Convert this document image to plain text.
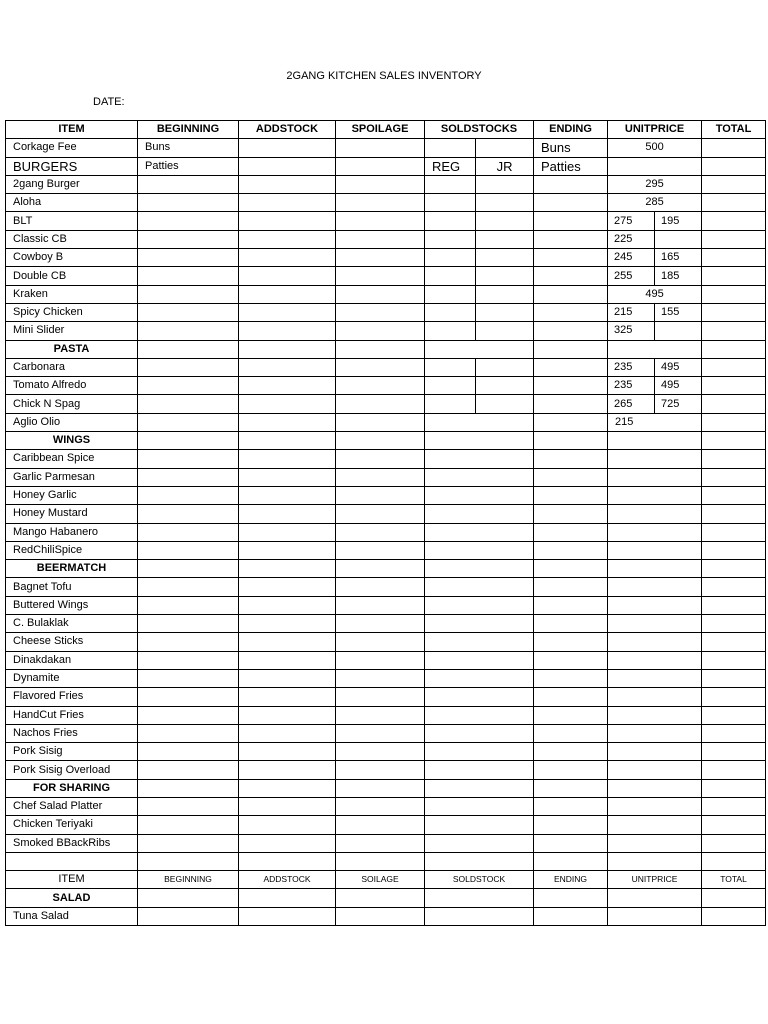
2GANG KITCHEN SALES INVENTORY
DATE:
ITEM	BEGINNING	ADDSTOCK	SPOILAGE	SOLDSTOCKS		ENDING	UNITPRICE		TOTAL
Corkage Fee	Buns					Buns	500		
BURGERS	Patties			REG	JR	Patties			
2gang Burger							295		
Aloha							285		
BLT							275	195	
Classic CB							225		
Cowboy B							245	165	
Double CB							255	185	
Kraken							495		
Spicy Chicken							215	155	
Mini Slider							325		
PASTA									
Carbonara							235	495	
Tomato Alfredo							235	495	
Chick N Spag							265	725	
Aglio Olio							215		
WINGS									
Caribbean Spice									
Garlic Parmesan									
Honey Garlic									
Honey Mustard									
Mango Habanero									
RedChiliSpice									
BEERMATCH									
Bagnet Tofu									
Buttered Wings									
C. Bulaklak									
Cheese Sticks									
Dinakdakan									
Dynamite									
Flavored Fries									
HandCut Fries									
Nachos Fries									
Pork Sisig									
Pork Sisig Overload									
FOR SHARING									
Chef Salad Platter									
Chicken Teriyaki									
Smoked BBackRibs									

ITEM	BEGINNING	ADDSTOCK	SOILAGE	SOLDSTOCK		ENDING	UNITPRICE		TOTAL
SALAD									
Tuna Salad									
